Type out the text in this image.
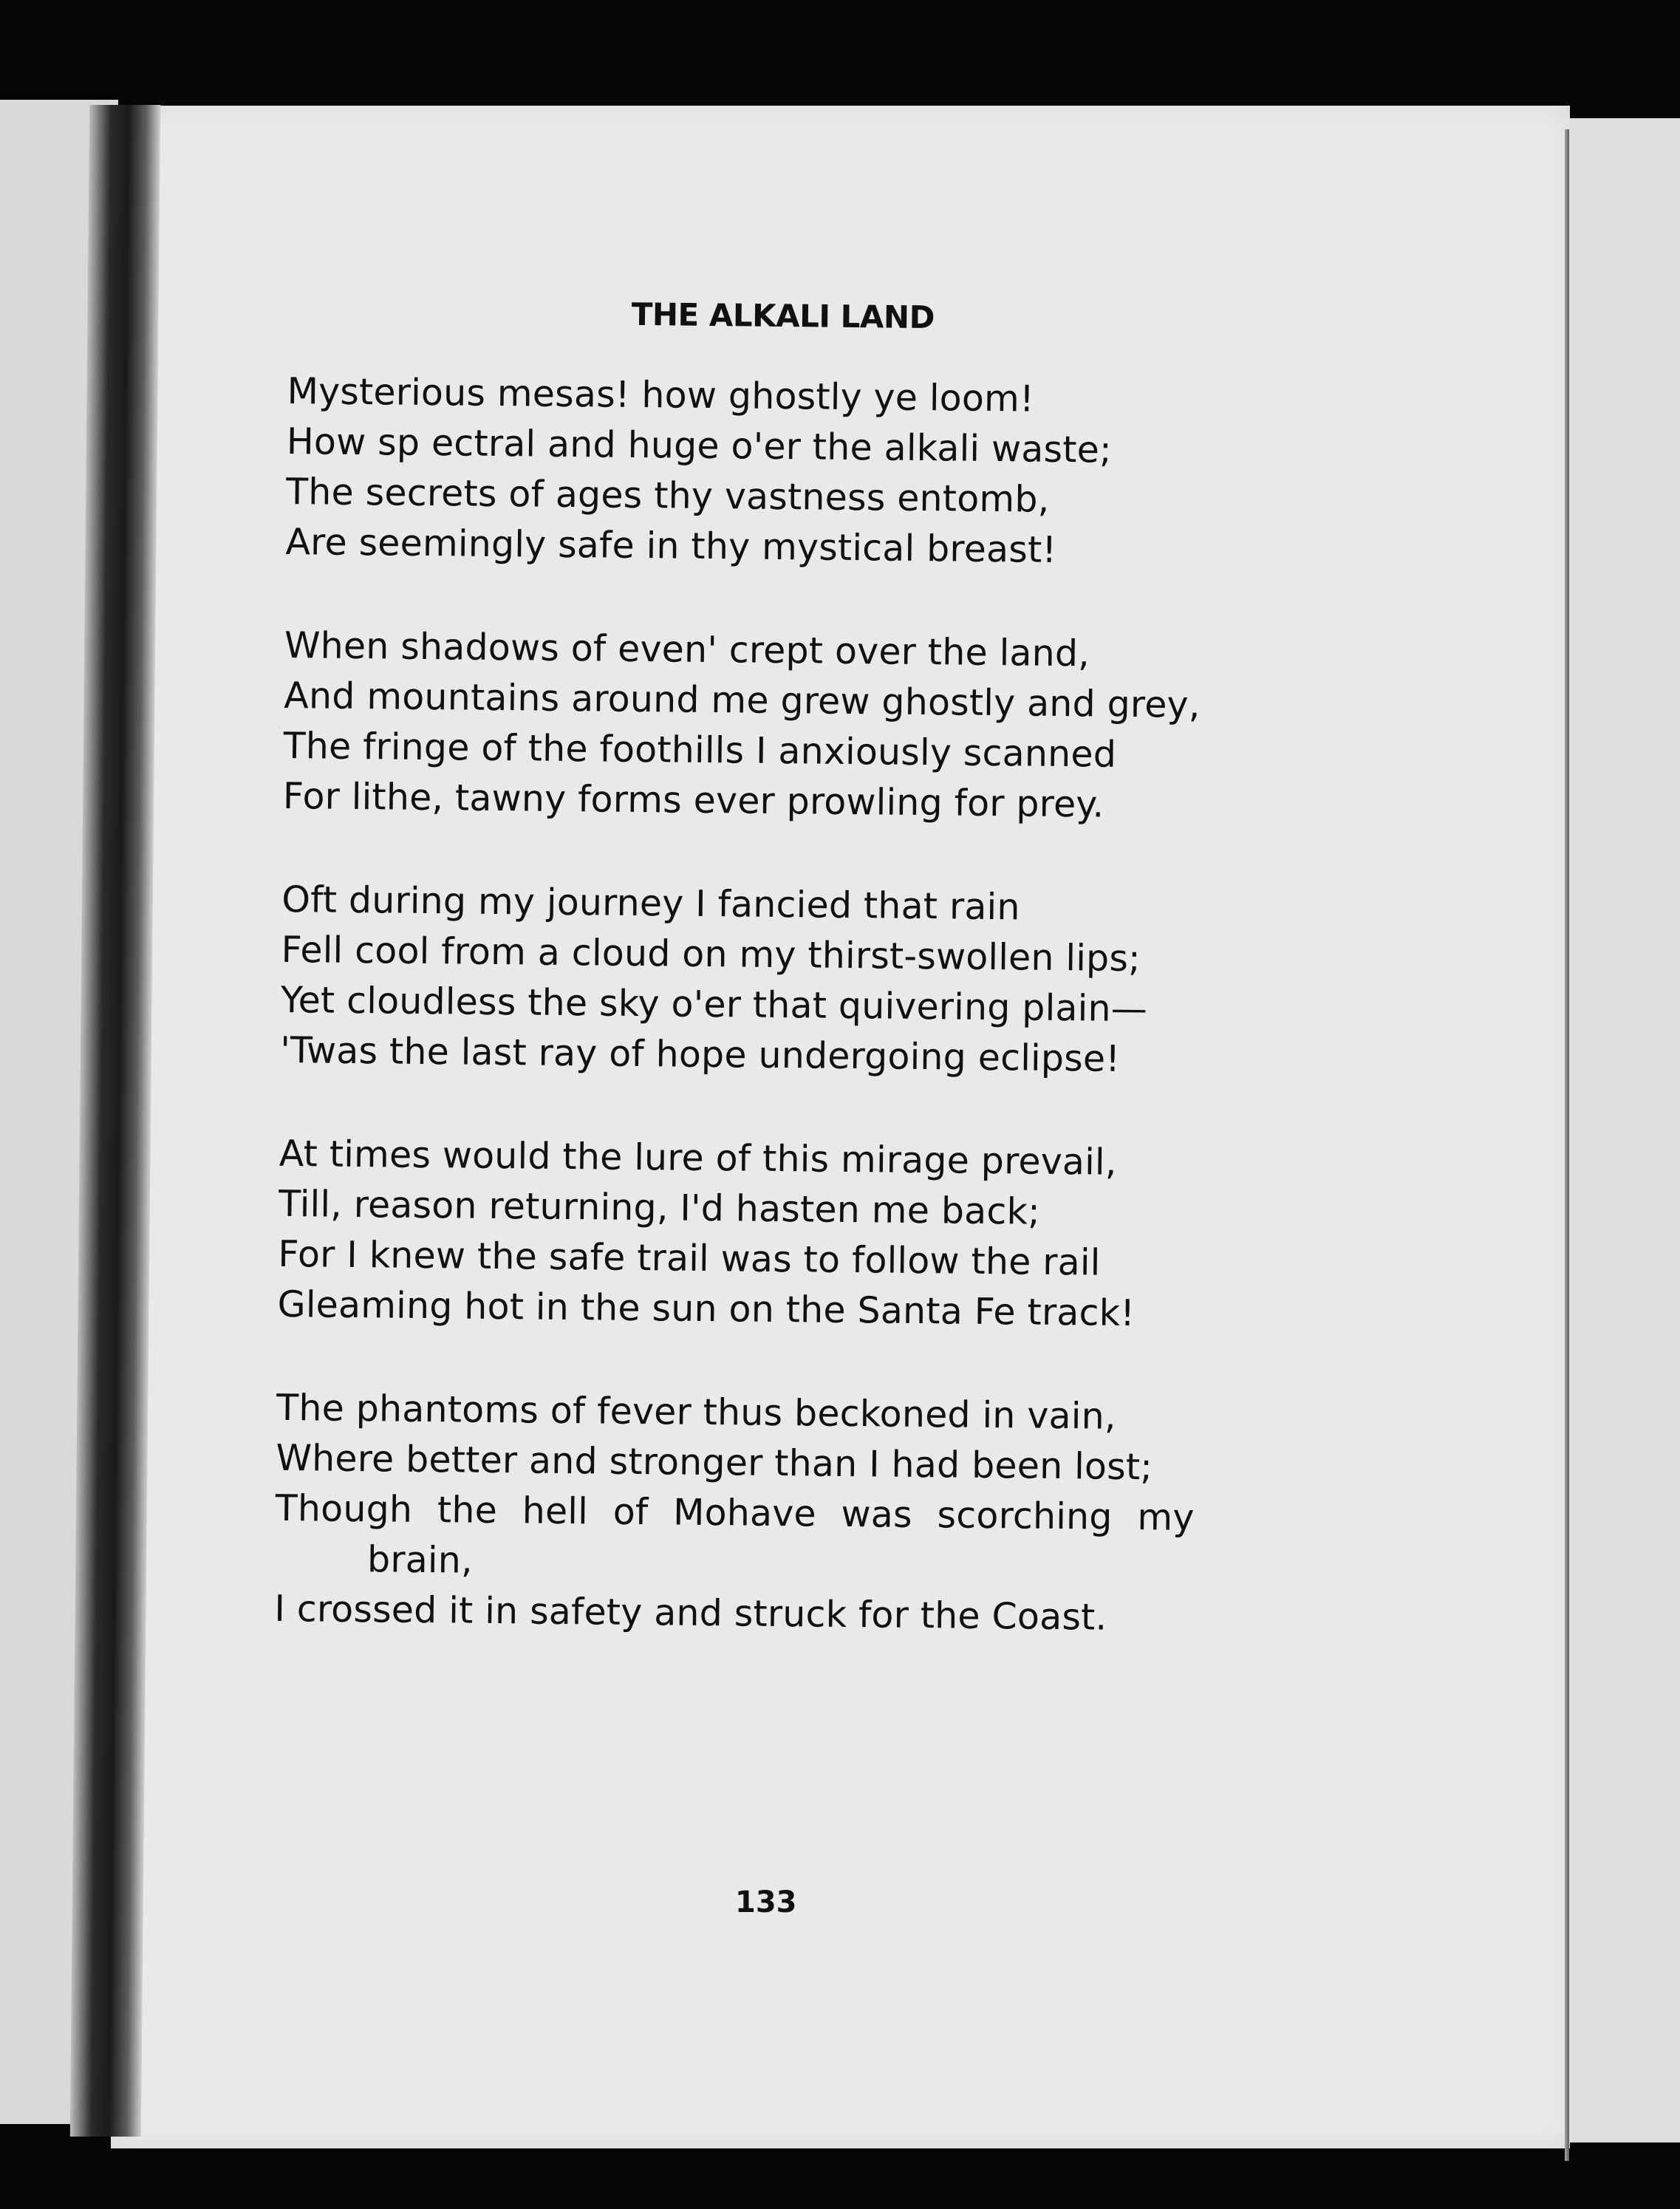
THE ALKALI LAND
Mysterious mesas! how ghostly ye loom!
How sp ectral and huge o'er the alkali waste;
The secrets of ages thy vastness entomb,
Are seemingly safe in thy mystical breast!
When shadows of even' crept over the land,
And mountains around me grew ghostly and grey,
The fringe of the foothills I anxiously scanned
For lithe, tawny forms ever prowling for prey.
Oft during my journey I fancied that rain
Fell cool from a cloud on my thirst-swollen lips;
Yet cloudless the sky o'er that quivering plain—
'Twas the last ray of hope undergoing eclipse!
At times would the lure of this mirage prevail,
Till, reason returning, I'd hasten me back;
For I knew the safe trail was to follow the rail
Gleaming hot in the sun on the Santa Fe track!
The phantoms of fever thus beckoned in vain,
Where better and stronger than I had been lost;
Though the hell of Mohave was scorching my
brain,
I crossed it in safety and struck for the Coast.
133
